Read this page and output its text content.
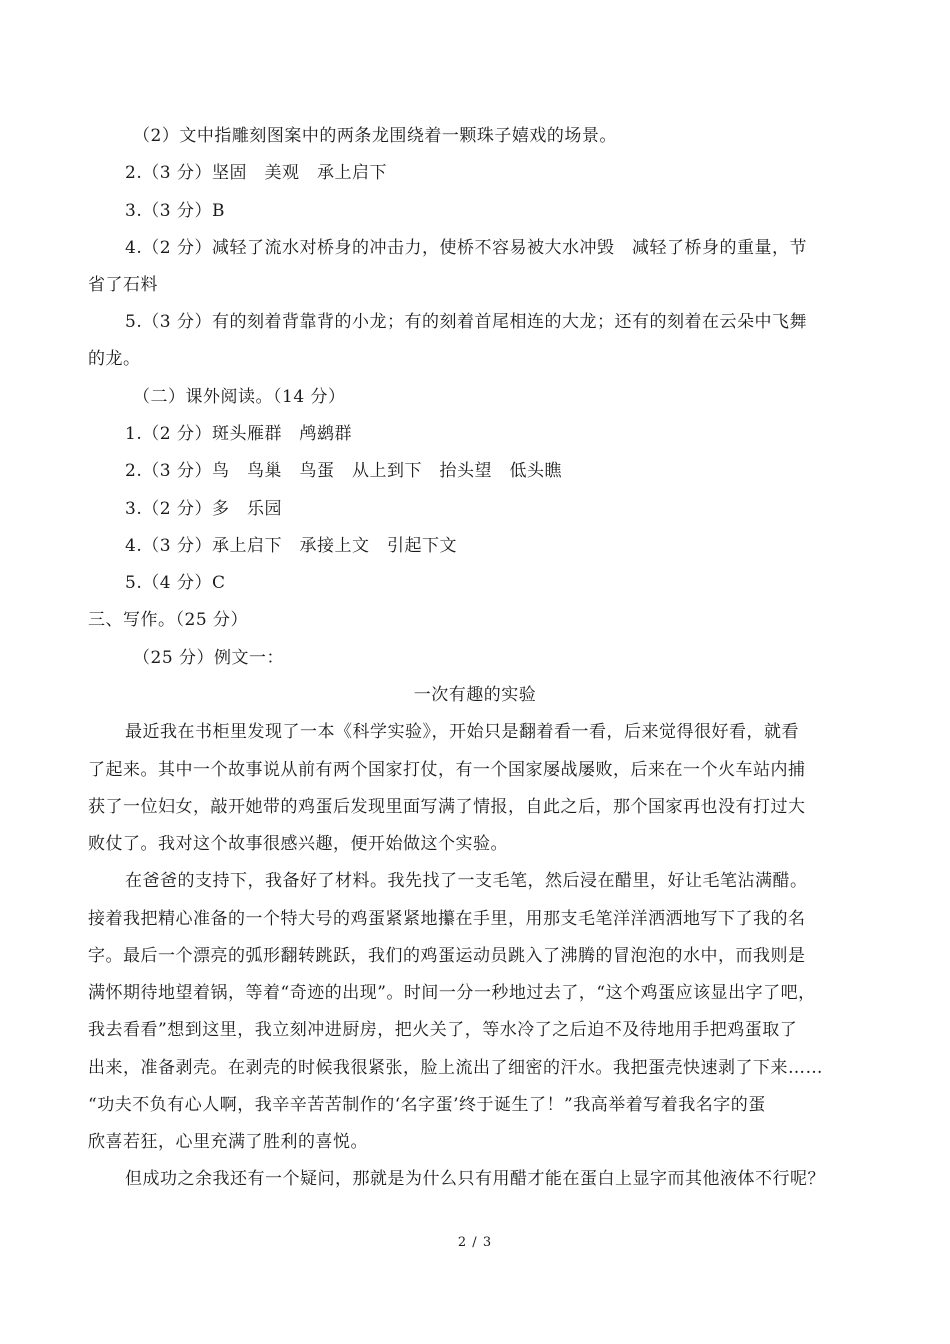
（2）文中指雕刻图案中的两条龙围绕着一颗珠子嬉戏的场景。
2.（3 分）坚固　美观　承上启下
3.（3 分）B
4.（2 分）减轻了流水对桥身的冲击力，使桥不容易被大水冲毁　减轻了桥身的重量，节
省了石料
5.（3 分）有的刻着背靠背的小龙；有的刻着首尾相连的大龙；还有的刻着在云朵中飞舞
的龙。
（二）课外阅读。（14 分）
1.（2 分）斑头雁群　鸬鹚群
2.（3 分）鸟　鸟巢　鸟蛋　从上到下　抬头望　低头瞧
3.（2 分）多　乐园
4.（3 分）承上启下　承接上文　引起下文
5.（4 分）C
三、写作。（25 分）
（25 分）例文一：
一次有趣的实验
最近我在书柜里发现了一本《科学实验》，开始只是翻着看一看，后来觉得很好看，就看
了起来。其中一个故事说从前有两个国家打仗，有一个国家屡战屡败，后来在一个火车站内捕
获了一位妇女，敲开她带的鸡蛋后发现里面写满了情报，自此之后，那个国家再也没有打过大
败仗了。我对这个故事很感兴趣，便开始做这个实验。
在爸爸的支持下，我备好了材料。我先找了一支毛笔，然后浸在醋里，好让毛笔沾满醋。
接着我把精心准备的一个特大号的鸡蛋紧紧地攥在手里，用那支毛笔洋洋洒洒地写下了我的名
字。最后一个漂亮的弧形翻转跳跃，我们的鸡蛋运动员跳入了沸腾的冒泡泡的水中，而我则是
满怀期待地望着锅，等着“奇迹的出现”。时间一分一秒地过去了，“这个鸡蛋应该显出字了吧，
我去看看”想到这里，我立刻冲进厨房，把火关了，等水冷了之后迫不及待地用手把鸡蛋取了
出来，准备剥壳。在剥壳的时候我很紧张，脸上流出了细密的汗水。我把蛋壳快速剥了下来……
“功夫不负有心人啊，我辛辛苦苦制作的‘名字蛋’终于诞生了！”我高举着写着我名字的蛋
欣喜若狂，心里充满了胜利的喜悦。
但成功之余我还有一个疑问，那就是为什么只有用醋才能在蛋白上显字而其他液体不行呢？
2 / 3
